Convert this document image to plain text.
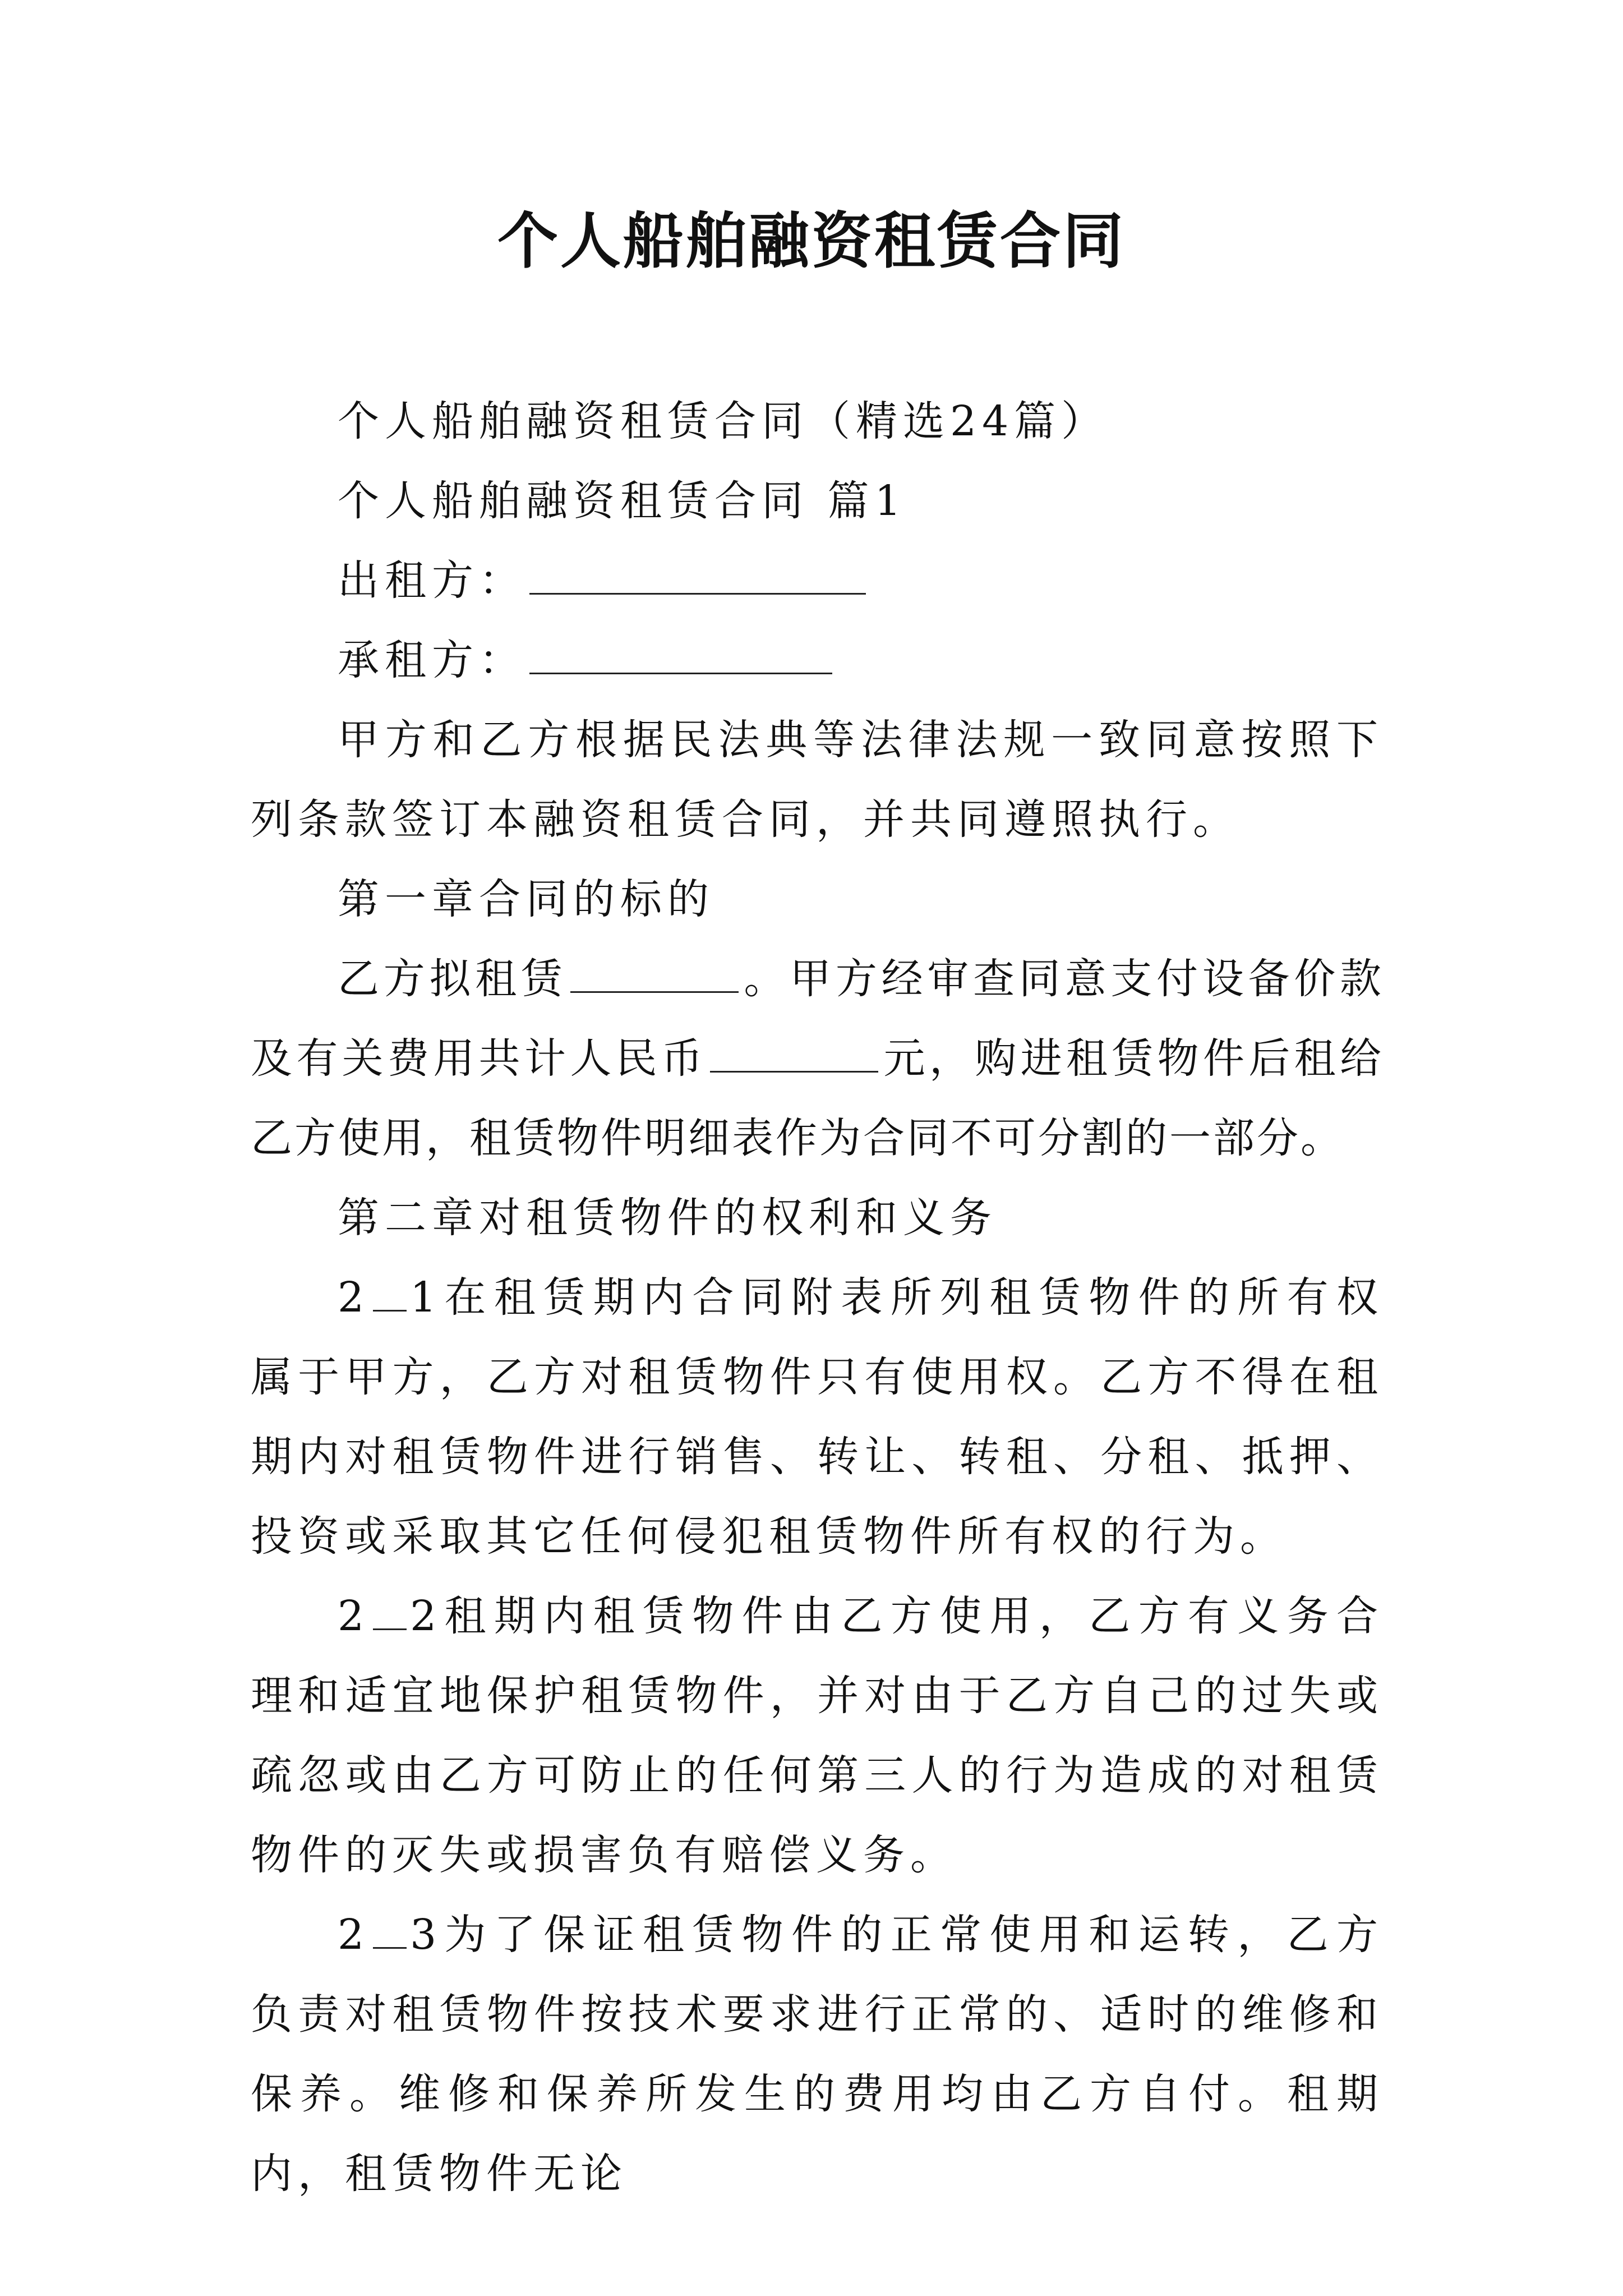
个人船舶融资租赁合同

个人船舶融资租赁合同（精选24篇）

个人船舶融资租赁合同 篇1

出租方：

承租方：

甲方和乙方根据民法典等法律法规一致同意按照下列条款签订本融资租赁合同，并共同遵照执行。

第一章合同的标的

乙方拟租赁	。甲方经审查同意支付设备价款及有关费用共计人民币	元，购进租赁物件后租给乙方使用，租赁物件明细表作为合同不可分割的一部分。

第二章对租赁物件的权利和义务

2 1在租赁期内合同附表所列租赁物件的所有权属于甲方，乙方对租赁物件只有使用权。乙方不得在租期内对租赁物件进行销售、转让、转租、分租、抵押、投资或采取其它任何侵犯租赁物件所有权的行为。

2 2租期内租赁物件由乙方使用，乙方有义务合理和适宜地保护租赁物件，并对由于乙方自己的过失或疏忽或由乙方可防止的任何第三人的行为造成的对租赁物件的灭失或损害负有赔偿义务。

2 3为了保证租赁物件的正常使用和运转，乙方负责对租赁物件按技术要求进行正常的、适时的维修和保养。维修和保养所发生的费用均由乙方自付。租期内，租赁物件无论
